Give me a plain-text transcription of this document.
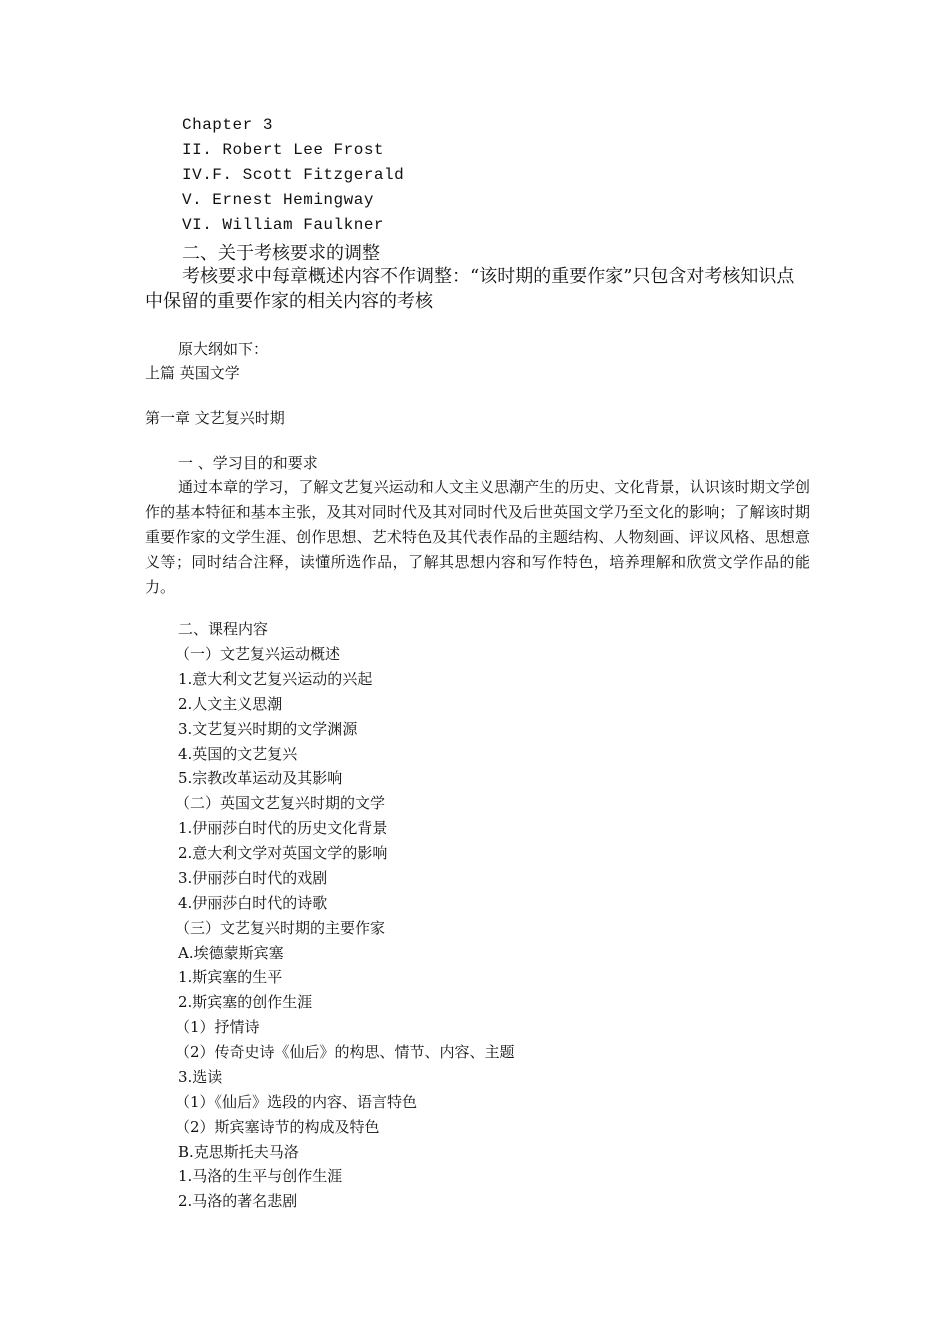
Chapter 3
II. Robert Lee Frost
IV.F. Scott Fitzgerald
V. Ernest Hemingway
VI. William Faulkner
二、关于考核要求的调整
考核要求中每章概述内容不作调整：“该时期的重要作家”只包含对考核知识点中保留的重要作家的相关内容的考核
原大纲如下：
上篇 英国文学
第一章 文艺复兴时期
一 、学习目的和要求
通过本章的学习，了解文艺复兴运动和人文主义思潮产生的历史、文化背景，认识该时期文学创作的基本特征和基本主张，及其对同时代及其对同时代及后世英国文学乃至文化的影响；了解该时期重要作家的文学生涯、创作思想、艺术特色及其代表作品的主题结构、人物刻画、评议风格、思想意义等；同时结合注释，读懂所选作品，了解其思想内容和写作特色，培养理解和欣赏文学作品的能力。
二、课程内容
（一）文艺复兴运动概述
1.意大利文艺复兴运动的兴起
2.人文主义思潮
3.文艺复兴时期的文学渊源
4.英国的文艺复兴
5.宗教改革运动及其影响
（二）英国文艺复兴时期的文学
1.伊丽莎白时代的历史文化背景
2.意大利文学对英国文学的影响
3.伊丽莎白时代的戏剧
4.伊丽莎白时代的诗歌
（三）文艺复兴时期的主要作家
A.埃德蒙斯宾塞
1.斯宾塞的生平
2.斯宾塞的创作生涯
（1）抒情诗
（2）传奇史诗《仙后》的构思、情节、内容、主题
3.选读
（1）《仙后》选段的内容、语言特色
（2）斯宾塞诗节的构成及特色
B.克思斯托夫马洛
1.马洛的生平与创作生涯
2.马洛的著名悲剧
